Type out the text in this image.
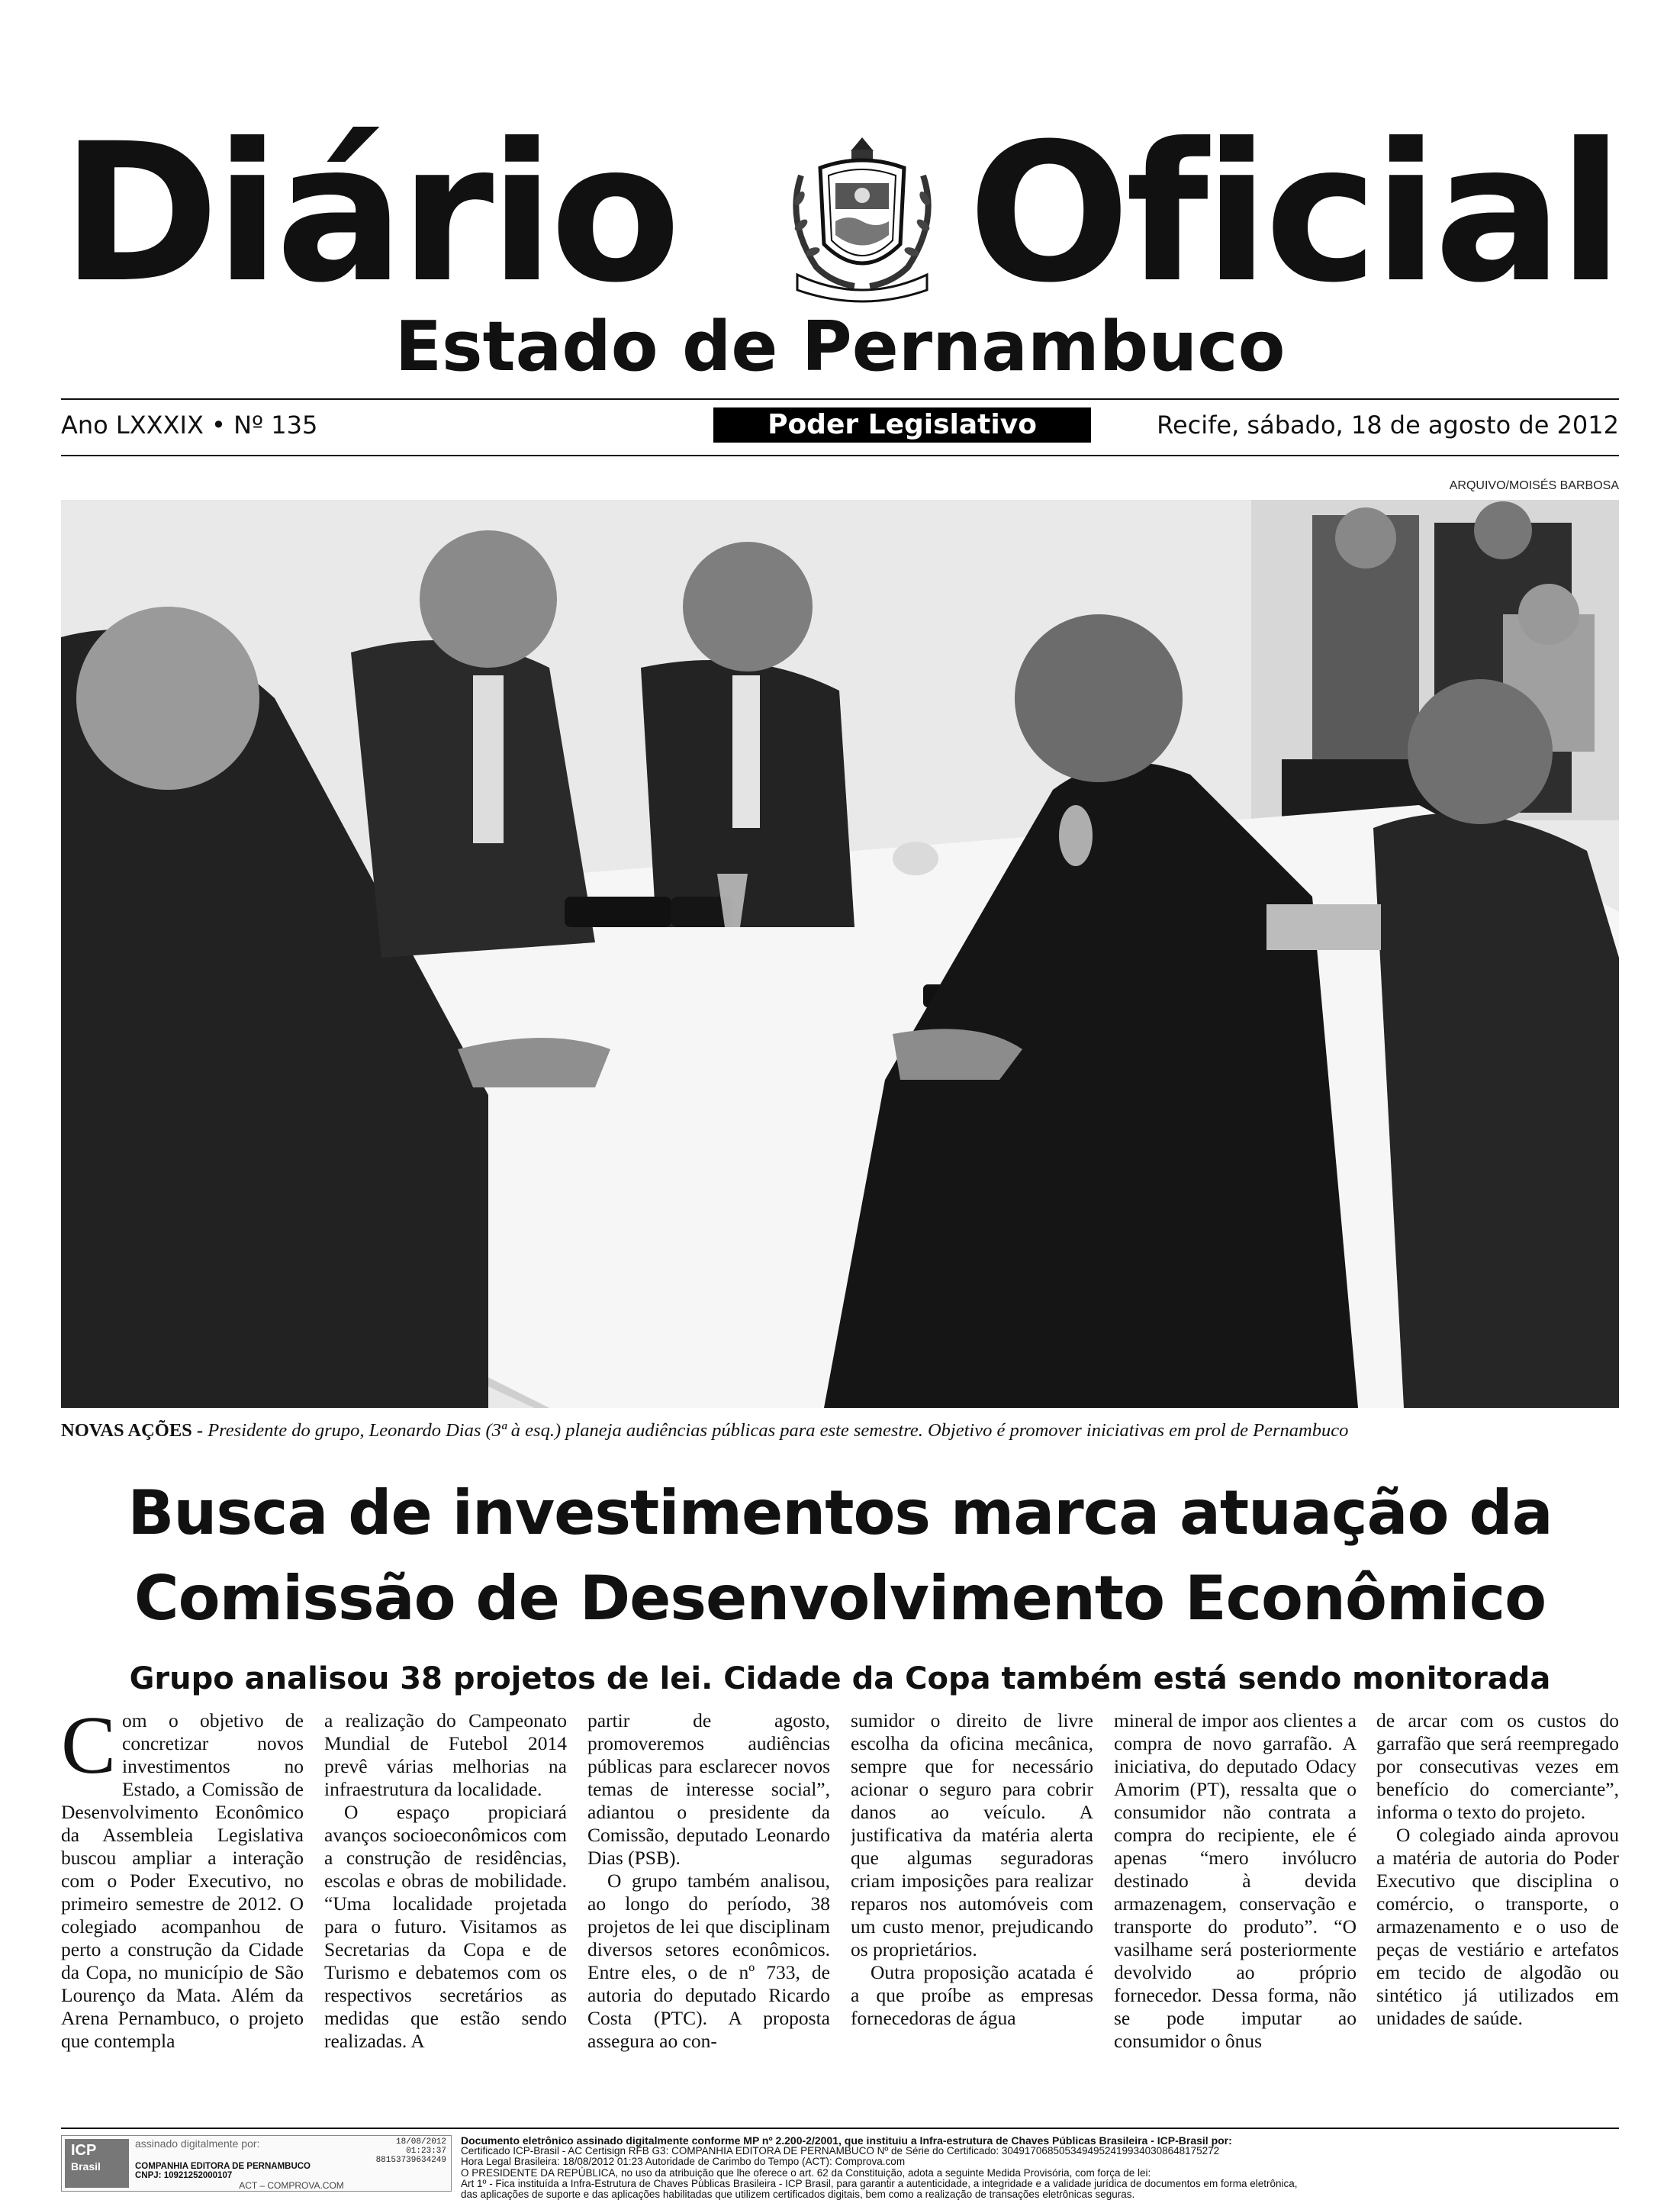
Diário Oficial
Estado de Pernambuco
Ano LXXXIX • Nº 135	Poder Legislativo	Recife, sábado, 18 de agosto de 2012
ARQUIVO/MOISÉS BARBOSA
NOVAS AÇÕES - Presidente do grupo, Leonardo Dias (3ª à esq.) planeja audiências públicas para este semestre. Objetivo é promover iniciativas em prol de Pernambuco
Busca de investimentos marca atuação da
Comissão de Desenvolvimento Econômico
Grupo analisou 38 projetos de lei. Cidade da Copa também está sendo monitorada
C om o objetivo de concretizar novos investimentos no Estado, a Comissão de Desenvolvimento Econômico da Assembleia Legislativa buscou ampliar a interação com o Poder Executivo, no primeiro semestre de 2012. O colegiado acompanhou de perto a construção da Cidade da Copa, no município de São Lourenço da Mata. Além da Arena Pernambuco, o projeto que contempla

a realização do Campeonato Mundial de Futebol 2014 prevê várias melhorias na infraestrutura da localidade.

O espaço propiciará avanços socioeconômicos com a construção de residências, escolas e obras de mobilidade. “Uma localidade projetada para o futuro. Visitamos as Secretarias da Copa e de Turismo e debatemos com os respectivos secretários as medidas que estão sendo realizadas. A

partir de agosto, promoveremos audiências públicas para esclarecer novos temas de interesse social”, adiantou o presidente da Comissão, deputado Leonardo Dias (PSB).

O grupo também analisou, ao longo do período, 38 projetos de lei que disciplinam diversos setores econômicos. Entre eles, o de nº 733, de autoria do deputado Ricardo Costa (PTC). A proposta assegura ao con-

sumidor o direito de livre escolha da oficina mecânica, sempre que for necessário acionar o seguro para cobrir danos ao veículo. A justificativa da matéria alerta que algumas seguradoras criam imposições para realizar reparos nos automóveis com um custo menor, prejudicando os proprietários.

Outra proposição acatada é a que proíbe as empresas fornecedoras de água

mineral de impor aos clientes a compra de novo garrafão. A iniciativa, do deputado Odacy Amorim (PT), ressalta que o consumidor não contrata a compra do recipiente, ele é apenas “mero invólucro destinado à devida armazenagem, conservação e transporte do produto”. “O vasilhame será posteriormente devolvido ao próprio fornecedor. Dessa forma, não se pode imputar ao consumidor o ônus

de arcar com os custos do garrafão que será reempregado por consecutivas vezes em benefício do comerciante”, informa o texto do projeto.

O colegiado ainda aprovou a matéria de autoria do Poder Executivo que disciplina o comércio, o transporte, o armazenamento e o uso de peças de vestiário e artefatos em tecido de algodão ou sintético já utilizados em unidades de saúde.

ICP
Brasil
assinado digitalmente por:	18/08/2012
01:23:37
88153739634249
COMPANHIA EDITORA DE PERNAMBUCO
CNPJ: 10921252000107
ACT – COMPROVA.COM
Documento eletrônico assinado digitalmente conforme MP nº 2.200-2/2001, que instituiu a Infra-estrutura de Chaves Públicas Brasileira - ICP-Brasil por:
Certificado ICP-Brasil - AC Certisign RFB G3: COMPANHIA EDITORA DE PERNAMBUCO Nº de Série do Certificado: 304917068505349495241993403086481752​72
Hora Legal Brasileira: 18/08/2012 01:23 Autoridade de Carimbo do Tempo (ACT): Comprova.com
O PRESIDENTE DA REPÚBLICA, no uso da atribuição que lhe oferece o art. 62 da Constituição, adota a seguinte Medida Provisória, com força de lei:
Art 1º - Fica instituída a Infra-Estrutura de Chaves Públicas Brasileira - ICP Brasil, para garantir a autenticidade, a integridade e a validade jurídica de documentos em forma eletrônica,
das aplicações de suporte e das aplicações habilitadas que utilizem certificados digitais, bem como a realização de transações eletrônicas seguras.
